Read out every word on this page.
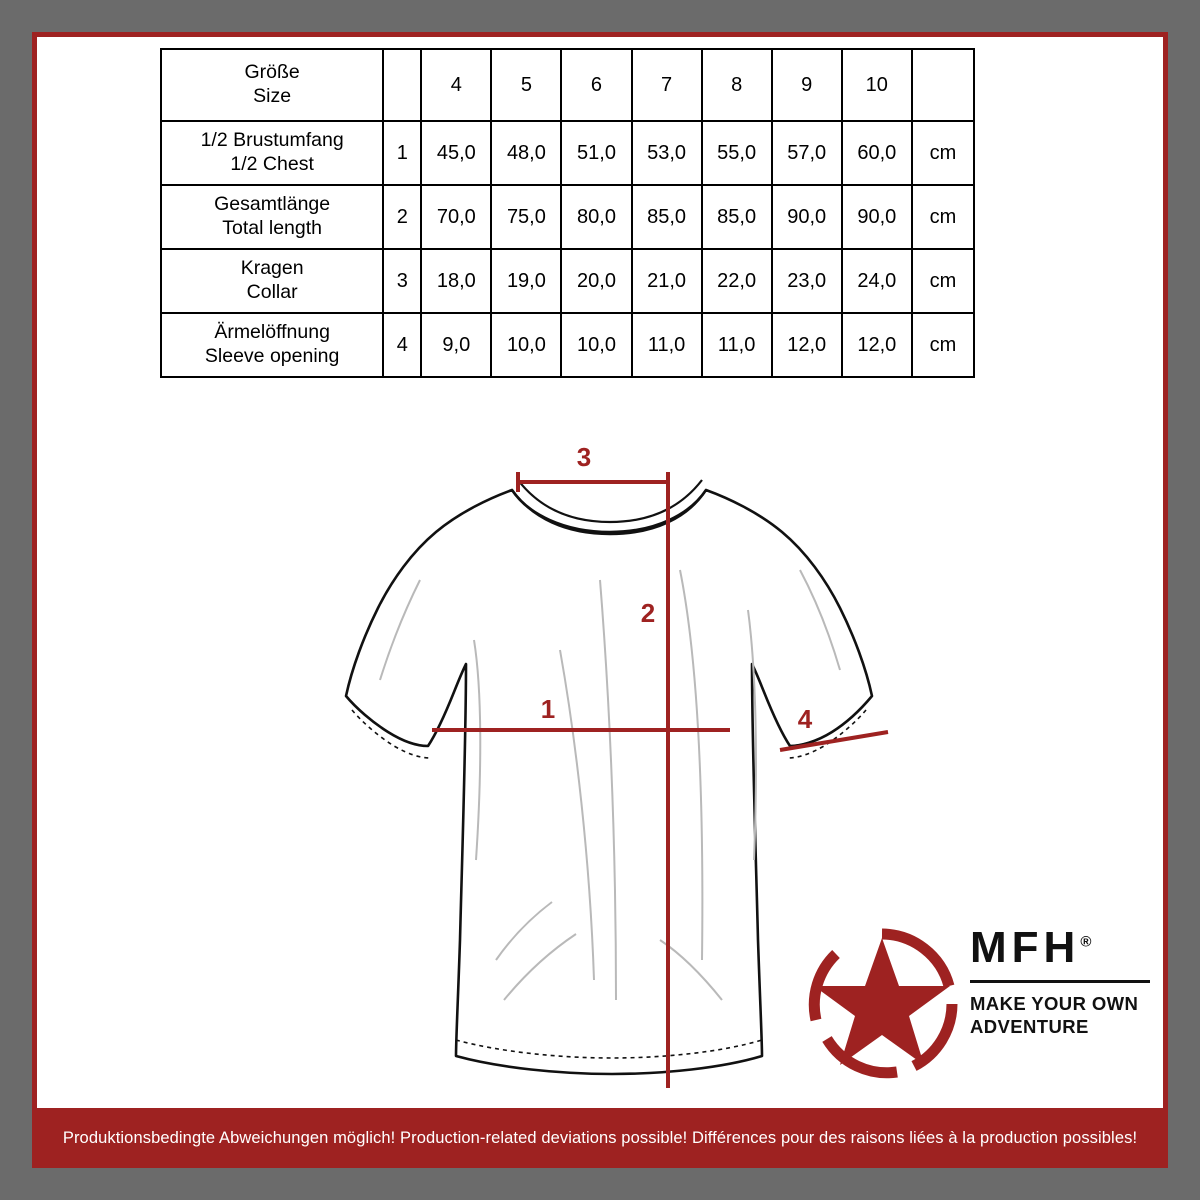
Größe
Size		4	5	6	7	8	9	10	

1/2 Brustumfang
1/2 Chest	1	45,0	48,0	51,0	53,0	55,0	57,0	60,0	cm

Gesamtlänge
Total length	2	70,0	75,0	80,0	85,0	85,0	90,0	90,0	cm

Kragen
Collar	3	18,0	19,0	20,0	21,0	22,0	23,0	24,0	cm

Ärmelöffnung
Sleeve opening	4	9,0	10,0	10,0	11,0	11,0	12,0	12,0	cm
3
2
1	4
MFH®
MAKE YOUR OWN
ADVENTURE
Produktionsbedingte Abweichungen möglich! Production-related deviations possible! Différences pour des raisons liées à la production possibles!
